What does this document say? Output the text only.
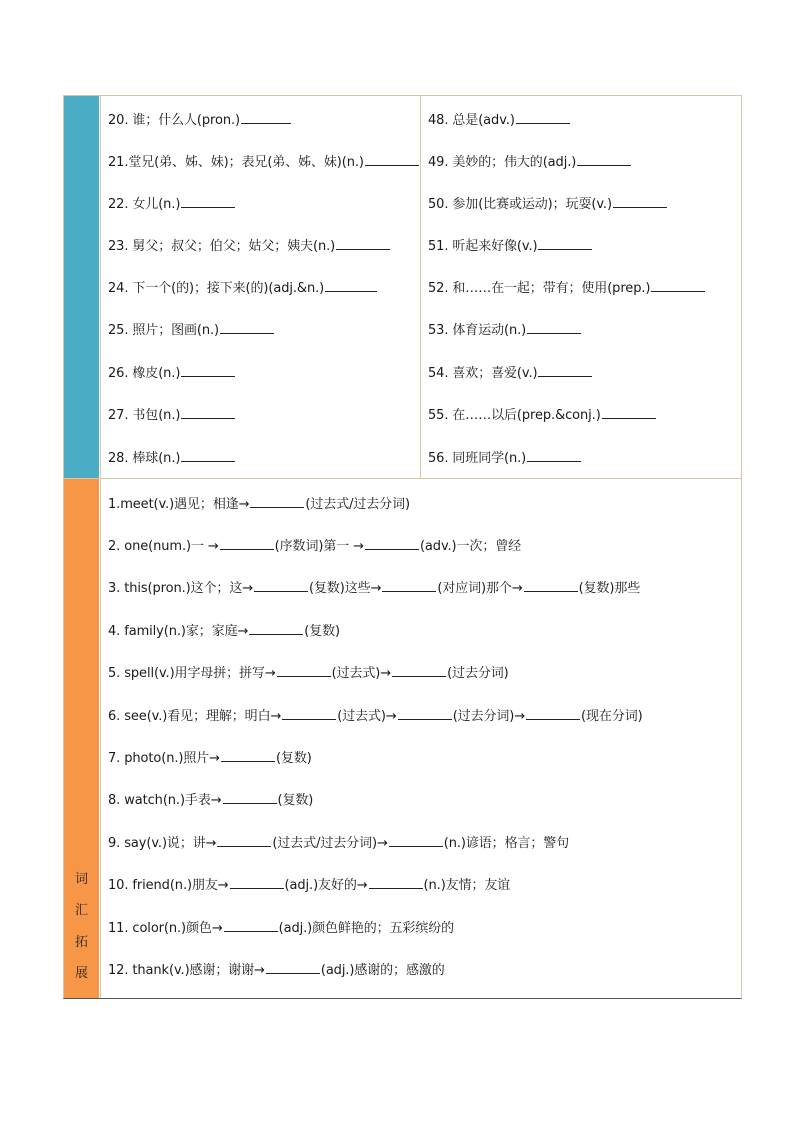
20. 谁；什么人(pron.)
21.堂兄(弟、姊、妹)；表兄(弟、姊、妹)(n.)
22. 女儿(n.)
23. 舅父；叔父；伯父；姑父；姨夫(n.)
24. 下一个(的)；接下来(的)(adj.&n.)
25. 照片；图画(n.)
26. 橡皮(n.)
27. 书包(n.)
28. 棒球(n.)
48. 总是(adv.)
49. 美妙的；伟大的(adj.)
50. 参加(比赛或运动)；玩耍(v.)
51. 听起来好像(v.)
52. 和……在一起；带有；使用(prep.)
53. 体育运动(n.)
54. 喜欢；喜爱(v.)
55. 在……以后(prep.&conj.)
56. 同班同学(n.)
词
汇
拓
展
1.meet(v.)遇见；相逢→	(过去式/过去分词)
2. one(num.)一 →	(序数词)第一 →	(adv.)一次；曾经
3. this(pron.)这个；这→	(复数)这些→	(对应词)那个→	(复数)那些
4. family(n.)家；家庭→	(复数)
5. spell(v.)用字母拼；拼写→	(过去式)→	(过去分词)
6. see(v.)看见；理解；明白→	(过去式)→	(过去分词)→	(现在分词)
7. photo(n.)照片→	(复数)
8. watch(n.)手表→	(复数)
9. say(v.)说；讲→	(过去式/过去分词)→	(n.)谚语；格言；警句
10. friend(n.)朋友→	(adj.)友好的→	(n.)友情；友谊
11. color(n.)颜色→	(adj.)颜色鲜艳的；五彩缤纷的
12. thank(v.)感谢；谢谢→	(adj.)感谢的；感激的
